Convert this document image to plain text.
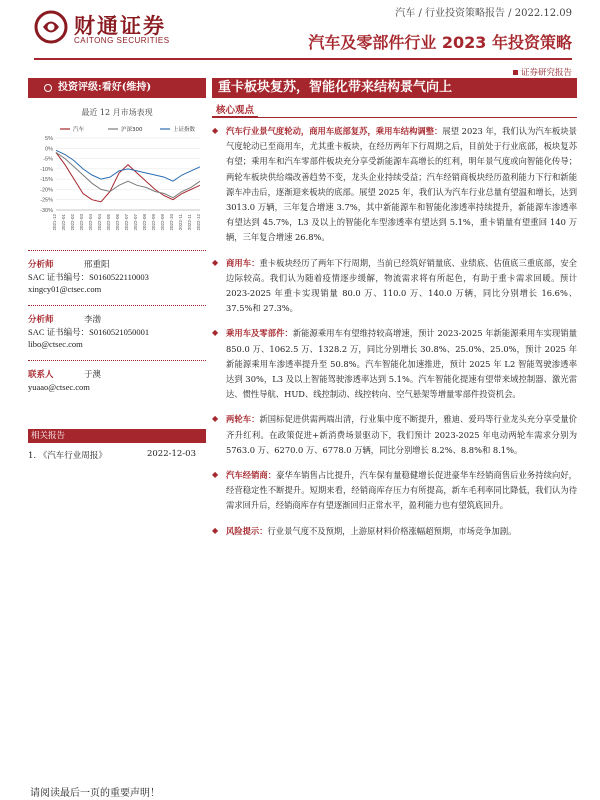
财通证券
CAITONG SECURITIES
汽车 / 行业投资策略报告 / 2022.12.09
汽车及零部件行业 2023 年投资策略
证券研究报告
投资评级:看好(维持)
最近 12 月市场表现
5%
0%
-5%
-10%
-15%
-20%
-25%
-30%
2021-12 2022-01 2022-02 2022-03 2022-04 2022-04 2022-05 2022-06 2022-07 2022-07 2022-08 2022-09 2022-09 2022-10 2022-11 2022-11 2022-12
汽车	沪深300	上证指数
分析师	邢重阳
SAC 证书编号：S0160522110003
xingcy01@ctsec.com
分析师	李渤
SAC 证书编号：S0160521050001
libo@ctsec.com
联系人	于澳
yuaao@ctsec.com
相关报告
1. 《汽车行业周报》	2022-12-03
重卡板块复苏，智能化带来结构景气向上
核心观点
◆ 汽车行业景气度轮动，商用车底部复苏，乘用车结构调整：展望 2023 年，我们认为汽车板块景气度轮动已至商用车，尤其重卡板块，在经历两年下行周期之后，目前处于行业底部，板块复苏有望；乘用车和汽车零部件板块充分享受新能源车高增长的红利，明年景气度或向智能化传导；两轮车板块供给端改善趋势不变，龙头企业持续受益；汽车经销商板块经历盈利能力下行和新能源车冲击后，逐渐迎来板块的底部。展望 2025 年，我们认为汽车行业总量有望温和增长，达到 3013.0 万辆，三年复合增速 3.7%，其中新能源车和智能化渗透率持续提升，新能源车渗透率有望达到 45.7%，L3 及以上的智能化车型渗透率有望达到 5.1%，重卡销量有望重回 140 万辆，三年复合增速 26.8%。
◆ 商用车：重卡板块经历了两年下行周期，当前已经筑好销量底、业绩底、估值底三重底部，安全边际较高。我们认为随着疫情逐步缓解，物流需求将有所起色，有助于重卡需求回暖。预计 2023-2025 年重卡实现销量 80.0 万、110.0 万、140.0 万辆，同比分别增长 16.6%、37.5%和 27.3%。
◆ 乘用车及零部件：新能源乘用车有望维持较高增速，预计 2023-2025 年新能源乘用车实现销量 850.0 万、1062.5 万、1328.2 万，同比分别增长 30.8%、25.0%、25.0%，预计 2025 年新能源乘用车渗透率提升至 50.8%。汽车智能化加速推进，预计 2025 年 L2 智能驾驶渗透率达到 30%，L3 及以上智能驾驶渗透率达到 5.1%。汽车智能化提速有望带来域控制器、激光雷达、惯性导航、HUD、线控制动、线控转向、空气悬架等增量零部件投资机会。
◆ 两轮车：新国标促进供需两端出清，行业集中度不断提升，雅迪、爱玛等行业龙头充分享受量价齐升红利。在政策促进+新消费场景驱动下，我们预计 2023-2025 年电动两轮车需求分别为 5763.0 万、6270.0 万、6778.0 万辆，同比分别增长 8.2%、8.8%和 8.1%。
◆ 汽车经销商：豪华车销售占比提升，汽车保有量稳健增长促进豪华车经销商售后业务持续向好，经营稳定性不断提升。短期来看，经销商库存压力有所提高，新车毛利率同比降低，我们认为待需求回升后，经销商库存有望逐渐回归正常水平，盈利能力也有望筑底回升。
◆ 风险提示：行业景气度不及预期，上游原材料价格涨幅超预期，市场竞争加剧。
请阅读最后一页的重要声明！
